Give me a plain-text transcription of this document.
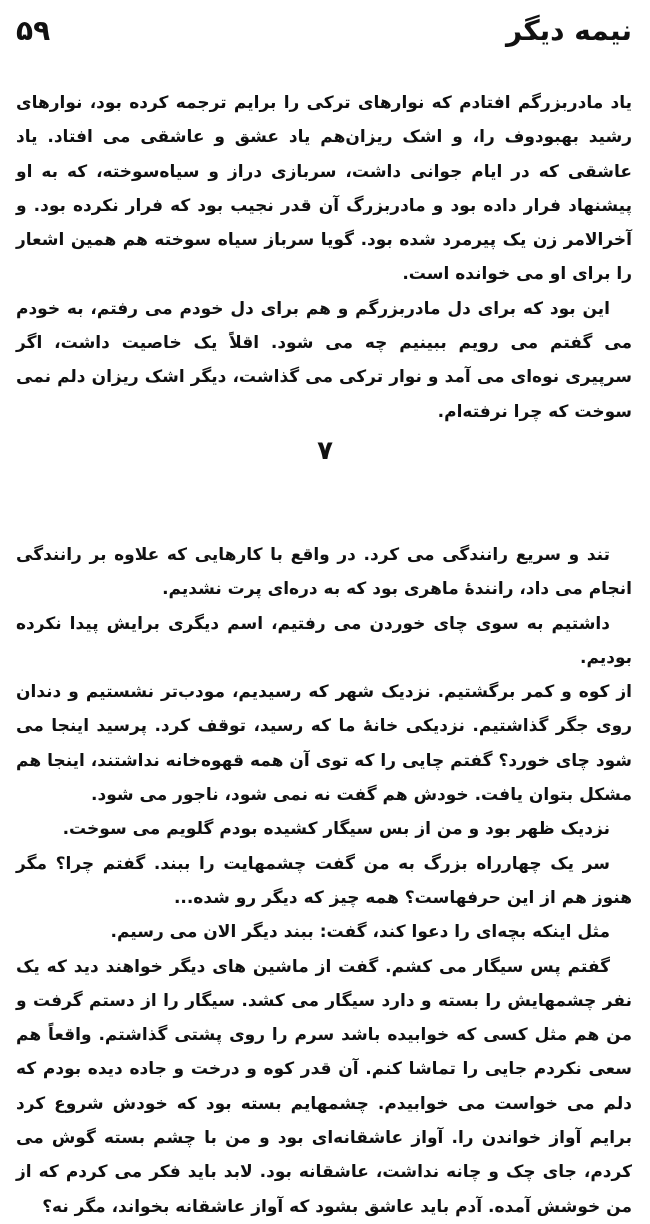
۵۹	نیمه دیگر

یاد مادربزرگم افتادم که نوارهای ترکی را برایم ترجمه کرده بود، نوارهای رشید بهبودوف را، و اشک ریزان‌هم یاد عشق و عاشقی می افتاد. یاد عاشقی که در ایام جوانی داشت، سربازی دراز و سیاه‌سوخته، که به او پیشنهاد فرار داده بود و مادربزرگ آن قدر نجیب بود که فرار نکرده بود. و آخرالامر زن یک پیرمرد شده بود. گویا سرباز سیاه سوخته هم همین اشعار را برای او می خوانده است.

این بود که برای دل مادربزرگم و هم برای دل خودم می رفتم، به خودم می گفتم می رویم ببینیم چه می شود. اقلاً یک خاصیت داشت، اگر سرپیری نوه‌ای می آمد و نوار ترکی می گذاشت، دیگر اشک ریزان دلم نمی سوخت که چرا نرفته‌ام.

۷

تند و سریع رانندگی می کرد. در واقع با کارهایی که علاوه بر رانندگی انجام می داد، رانندهٔ ماهری بود که به دره‌ای پرت نشدیم.

داشتیم به سوی چای خوردن می رفتیم، اسم دیگری برایش پیدا نکرده بودیم.

از کوه و کمر برگشتیم. نزدیک شهر که رسیدیم، مودب‌تر نشستیم و دندان روی جگر گذاشتیم. نزدیکی خانهٔ ما که رسید، توقف کرد. پرسید اینجا می شود چای خورد؟ گفتم چایی را که توی آن همه قهوه‌خانه نداشتند، اینجا هم مشکل بتوان یافت. خودش هم گفت نه نمی شود، ناجور می شود.

نزدیک ظهر بود و من از بس سیگار کشیده بودم گلویم می سوخت.

سر یک چهارراه بزرگ به من گفت چشمهایت را ببند. گفتم چرا؟ مگر هنوز هم از این حرفهاست؟ همه چیز که دیگر رو شده...

مثل اینکه بچه‌ای را دعوا کند، گفت: ببند دیگر الان می رسیم.

گفتم پس سیگار می کشم. گفت از ماشین های دیگر خواهند دید که یک نفر چشمهایش را بسته و دارد سیگار می کشد. سیگار را از دستم گرفت و من هم مثل کسی که خوابیده باشد سرم را روی پشتی گذاشتم. واقعاً هم سعی نکردم جایی را تماشا کنم. آن قدر کوه و درخت و جاده دیده بودم که دلم می خواست می خوابیدم. چشمهایم بسته بود که خودش شروع کرد برایم آواز خواندن را. آواز عاشقانه‌ای بود و من با چشم بسته گوش می کردم، جای چک و چانه نداشت، عاشقانه بود. لابد باید فکر می کردم که از من خوشش آمده. آدم باید عاشق بشود که آواز عاشقانه بخواند، مگر نه؟
